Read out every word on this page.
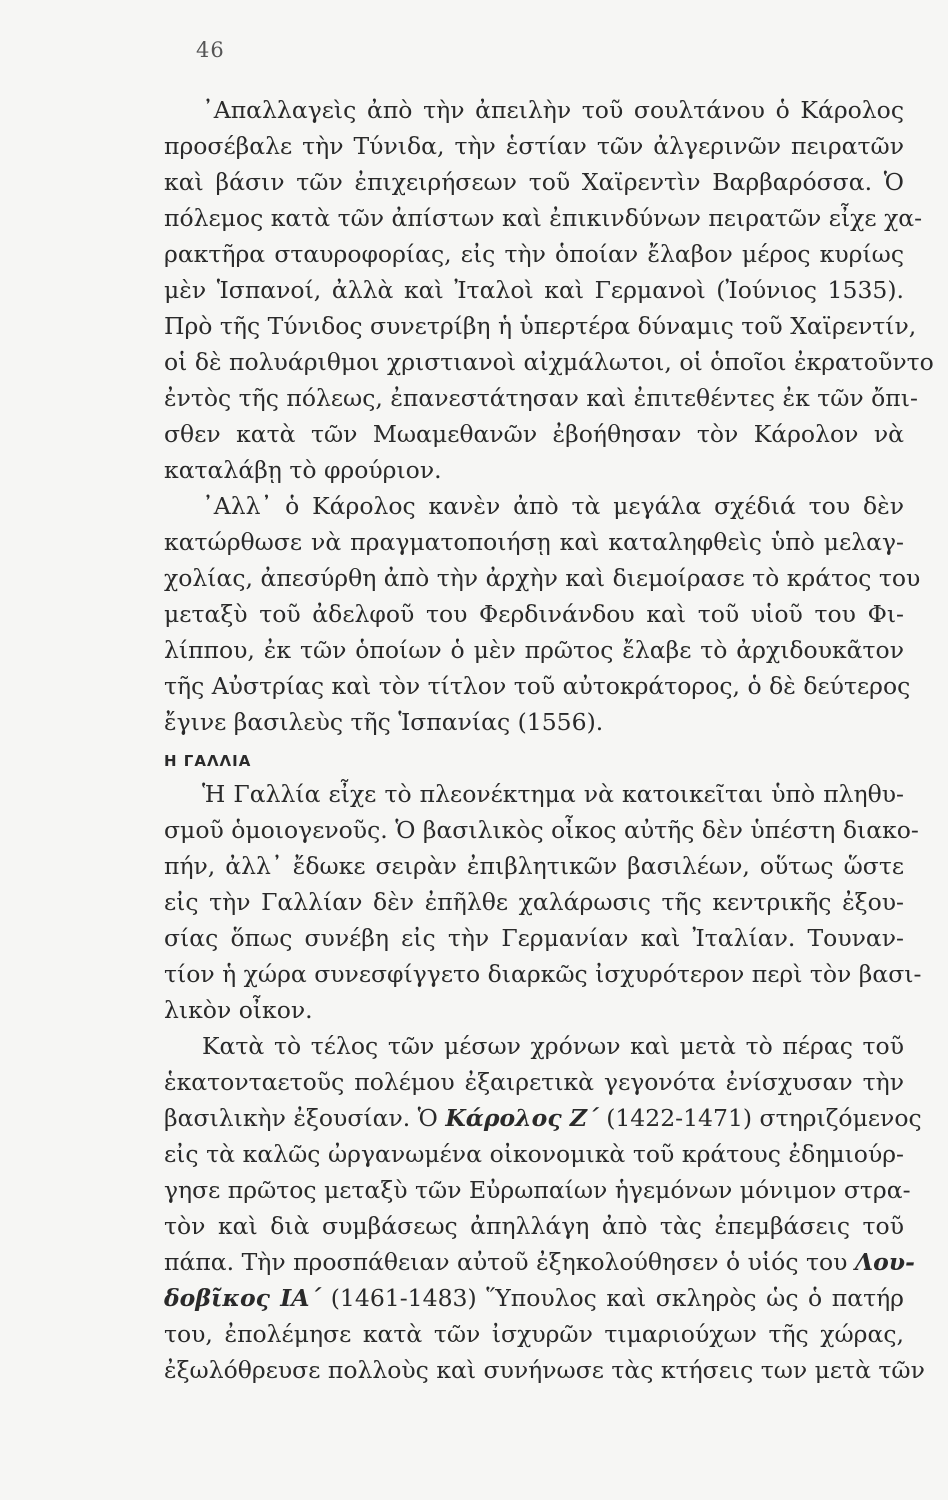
46
᾿Απαλλαγεὶς ἀπὸ τὴν ἀπειλὴν τοῦ σουλτάνου ὁ Κάρολος
προσέβαλε τὴν Τύνιδα, τὴν ἑστίαν τῶν ἀλγερινῶν πειρατῶν
καὶ βάσιν τῶν ἐπιχειρήσεων τοῦ Χαϊρεντὶν Βαρβαρόσσα. Ὁ
πόλεμος κατὰ τῶν ἀπίστων καὶ ἐπικινδύνων πειρατῶν εἶχε χα-
ρακτῆρα σταυροφορίας, εἰς τὴν ὁποίαν ἔλαβον μέρος κυρίως
μὲν Ἱσπανοί, ἀλλὰ καὶ Ἰταλοὶ καὶ Γερμανοὶ (Ἰούνιος 1535).
Πρὸ τῆς Τύνιδος συνετρίβη ἡ ὑπερτέρα δύναμις τοῦ Χαϊρεντίν,
οἱ δὲ πολυάριθμοι χριστιανοὶ αἰχμάλωτοι, οἱ ὁποῖοι ἐκρατοῦντο
ἐντὸς τῆς πόλεως, ἐπανεστάτησαν καὶ ἐπιτεθέντες ἐκ τῶν ὄπι-
σθεν κατὰ τῶν Μωαμεθανῶν ἐβοήθησαν τὸν Κάρολον νὰ
καταλάβῃ τὸ φρούριον.
᾿Αλλ᾿ ὁ Κάρολος κανὲν ἀπὸ τὰ μεγάλα σχέδιά του δὲν
κατώρθωσε νὰ πραγματοποιήσῃ καὶ καταληφθεὶς ὑπὸ μελαγ-
χολίας, ἀπεσύρθη ἀπὸ τὴν ἀρχὴν καὶ διεμοίρασε τὸ κράτος του
μεταξὺ τοῦ ἀδελφοῦ του Φερδινάνδου καὶ τοῦ υἱοῦ του Φι-
λίππου, ἐκ τῶν ὁποίων ὁ μὲν πρῶτος ἔλαβε τὸ ἀρχιδουκᾶτον
τῆς Αὐστρίας καὶ τὸν τίτλον τοῦ αὐτοκράτορος, ὁ δὲ δεύτερος
ἔγινε βασιλεὺς τῆς Ἱσπανίας (1556).
Η ΓΑΛΛΙΑ
Ἡ Γαλλία εἶχε τὸ πλεονέκτημα νὰ κατοικεῖται ὑπὸ πληθυ-
σμοῦ ὁμοιογενοῦς. Ὁ βασιλικὸς οἶκος αὐτῆς δὲν ὑπέστη διακο-
πήν, ἀλλ᾿ ἔδωκε σειρὰν ἐπιβλητικῶν βασιλέων, οὕτως ὥστε
εἰς τὴν Γαλλίαν δὲν ἐπῆλθε χαλάρωσις τῆς κεντρικῆς ἐξου-
σίας ὅπως συνέβη εἰς τὴν Γερμανίαν καὶ Ἰταλίαν. Τουναν-
τίον ἡ χώρα συνεσφίγγετο διαρκῶς ἰσχυρότερον περὶ τὸν βασι-
λικὸν οἶκον.
Κατὰ τὸ τέλος τῶν μέσων χρόνων καὶ μετὰ τὸ πέρας τοῦ
ἑκατονταετοῦς πολέμου ἐξαιρετικὰ γεγονότα ἐνίσχυσαν τὴν
βασιλικὴν ἐξουσίαν. Ὁ Κάρολος Ζ΄ (1422-1471) στηριζόμενος
εἰς τὰ καλῶς ὠργανωμένα οἰκονομικὰ τοῦ κράτους ἐδημιούρ-
γησε πρῶτος μεταξὺ τῶν Εὐρωπαίων ἡγεμόνων μόνιμον στρα-
τὸν καὶ διὰ συμβάσεως ἀπηλλάγη ἀπὸ τὰς ἐπεμβάσεις τοῦ
πάπα. Τὴν προσπάθειαν αὐτοῦ ἐξηκολούθησεν ὁ υἱός του Λου-
δοβῖκος ΙΑ΄ (1461-1483) Ὕπουλος καὶ σκληρὸς ὡς ὁ πατήρ
του, ἐπολέμησε κατὰ τῶν ἰσχυρῶν τιμαριούχων τῆς χώρας,
ἐξωλόθρευσε πολλοὺς καὶ συνήνωσε τὰς κτήσεις των μετὰ τῶν
